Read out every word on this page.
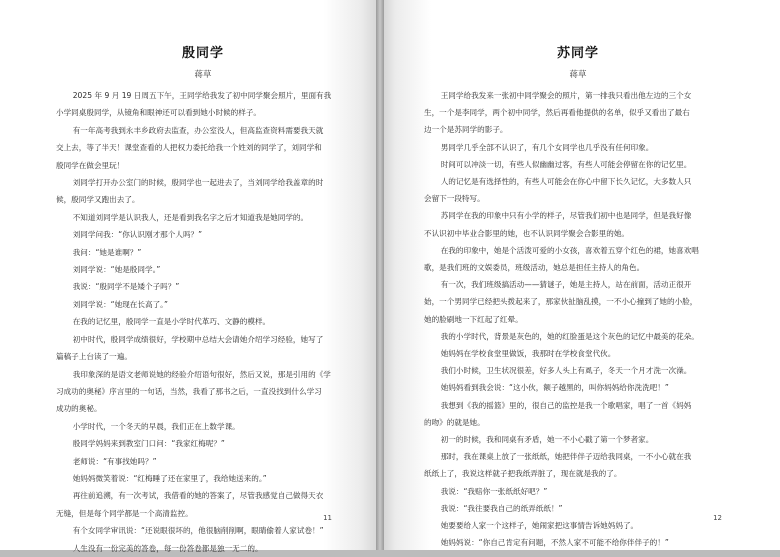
殷同学
蒋草

2025 年 9 月 19 日周五下午，王同学给我发了初中同学聚会照片，里面有我

小学同桌殷同学，从镜角和眼神还可以看到她小时候的样子。

有一年高考我到永丰乡政府去监查，办公室没人，但高监查资料需要我天就

交上去，等了半天！课堂查看的人把权力委托给我一个姓刘的同学了，刘同学和

殷同学在做会里玩！

刘同学打开办公室门的时候，殷同学也一起进去了，当刘同学给我盖章的时

候，殷同学又跑出去了。

不知道刘同学是认识我人，还是看到我名字之后才知道我是她同学的。

刘同学问我：“你认识刚才那个人吗？”

我问：“她是谁啊？”

刘同学说：“她是殷同学。”

我说：“殷同学不是矮个子吗？”

刘同学说：“她现在长高了。”

在我的记忆里，殷同学一直是小学时代革巧、文静的模样。

初中时代，殷同学成绩很好，学校期中总结大会请她介绍学习经验，她写了

篇稿子上台读了一遍。

我印象深的是语文老师说她的经验介绍语句很好，然后又说，那是引用的《学

习成功的奥秘》序言里的一句话，当然，我看了那书之后，一直没找到什么学习

成功的奥秘。

小学时代，一个冬天的早晨，我们正在上数学课。

殷同学妈妈来到教室门口问：“我家红梅呢？”

老师说：“有事找她吗？”

她妈妈微笑着说：“红梅睡了还在家里了，我给她送来的。”

再往前追溯，有一次考试，我借看的她的答案了，尽管我感觉自己做得天衣

无缝，但是每个同学都是一个高清监控。

有个女同学审讯说：“还说眼很坏的，他很脑削削啊，眼睛偷着人家试卷！”

人生没有一份完美的答卷，每一份答卷都是独一无二的。

11
苏同学
蒋草

王同学给我发来一张初中同学聚会的照片，第一排我只看出他左边的三个女

生，一个是李同学，两个初中同学，然后再看他提供的名单，似乎又看出了最右

边一个是苏同学的影子。

男同学几乎全部不认识了，有几个女同学也几乎没有任何印象。

时间可以冲淡一切，有些人似幽幽过客，有些人可能会停留在你的记忆里。

人的记忆是有选择性的，有些人可能会在你心中留下长久记忆，大多数人只

会留下一段特写。

苏同学在我的印象中只有小学的样子，尽管我们初中也是同学，但是我好像

不认识初中毕业合影里的她，也不认识同学聚会合影里的她。

在我的印象中，她是个活泼可爱的小女孩，喜欢着五穿个红色的裙，她喜欢唱

歌，是我们班的文娱委员，班级活动，她总是担任主持人的角色。

有一次，我们班级搞活动——猜谜子，她是主持人，站在前面，活动正很开

始，一个男同学已经把头拨起来了，那家伙扯脑乱摸，一不小心撞到了她的小脸，

她的脸刷地一下红起了红晕。

我的小学时代，背景是灰色的，她的红脸蛋是这个灰色的记忆中最美的花朵。

她妈妈在学校食堂里做饭，我那时在学校食堂代伙。

我们小时候，卫生状况很差，好多人头上有虱子，冬天一个月才洗一次澡。

她妈妈看到我会说：“这小伙，额子越黑的，叫你妈妈给你洗洗吧！”

我想到《我的摇篮》里的，很自己的监控是我一个歌唱家，唱了一首《妈妈

的吻》的就是她。

初一的时候，我和同桌有矛盾，她一不小心戳了第一个梦者家。

那时，我在课桌上放了一张纸纸，她把伴伴子迈给我同桌，一不小心就在我

纸纸上了，我说这样就子把我纸弄脏了，现在就是我的了。

我说：“我赔你一张纸纸好吧？”

我说：“我往要我自己的纸弄纸纸！”

她要要给人家一个这样子，她闹家把这事情告诉她妈妈了。

她妈妈说：“你自己肯定有问题，不然人家不可能不给你伴伴子的！”

12
